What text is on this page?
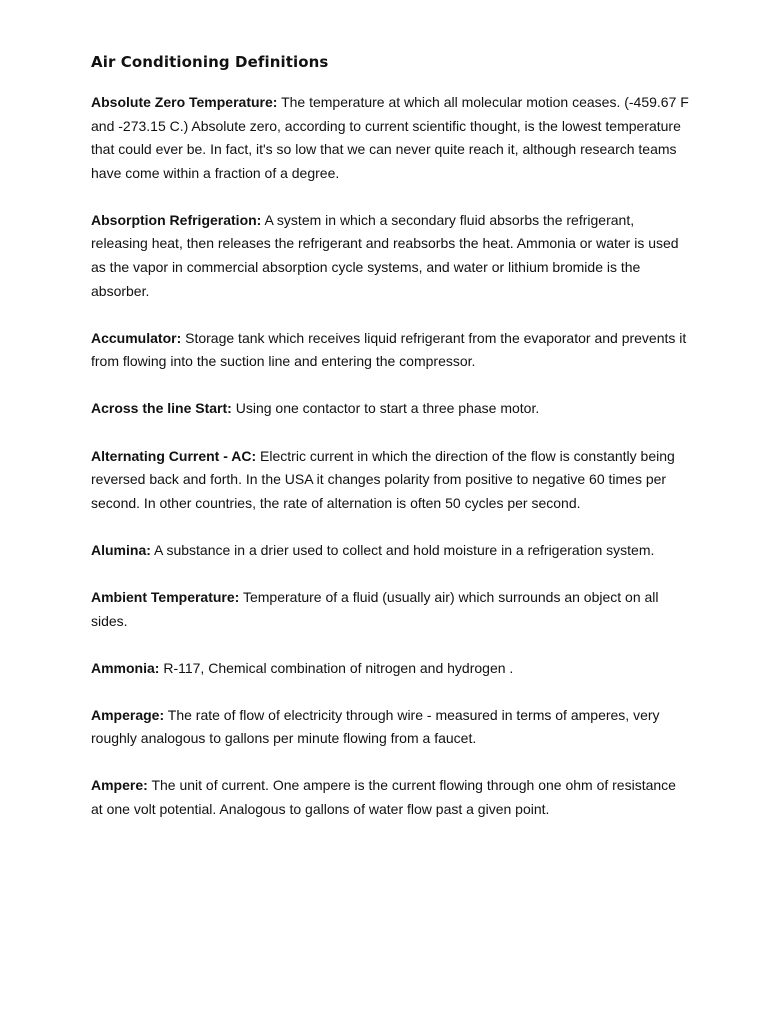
Air Conditioning Definitions

Absolute Zero Temperature: The temperature at which all molecular motion ceases. (-459.67 F and -273.15 C.) Absolute zero, according to current scientific thought, is the lowest temperature that could ever be. In fact, it's so low that we can never quite reach it, although research teams have come within a fraction of a degree.

Absorption Refrigeration: A system in which a secondary fluid absorbs the refrigerant, releasing heat, then releases the refrigerant and reabsorbs the heat. Ammonia or water is used as the vapor in commercial absorption cycle systems, and water or lithium bromide is the absorber.

Accumulator: Storage tank which receives liquid refrigerant from the evaporator and prevents it from flowing into the suction line and entering the compressor.

Across the line Start: Using one contactor to start a three phase motor.

Alternating Current - AC: Electric current in which the direction of the flow is constantly being reversed back and forth. In the USA it changes polarity from positive to negative 60 times per second. In other countries, the rate of alternation is often 50 cycles per second.

Alumina: A substance in a drier used to collect and hold moisture in a refrigeration system.

Ambient Temperature: Temperature of a fluid (usually air) which surrounds an object on all sides.

Ammonia: R-117, Chemical combination of nitrogen and hydrogen .

Amperage: The rate of flow of electricity through wire - measured in terms of amperes, very roughly analogous to gallons per minute flowing from a faucet.

Ampere: The unit of current. One ampere is the current flowing through one ohm of resistance at one volt potential. Analogous to gallons of water flow past a given point.
